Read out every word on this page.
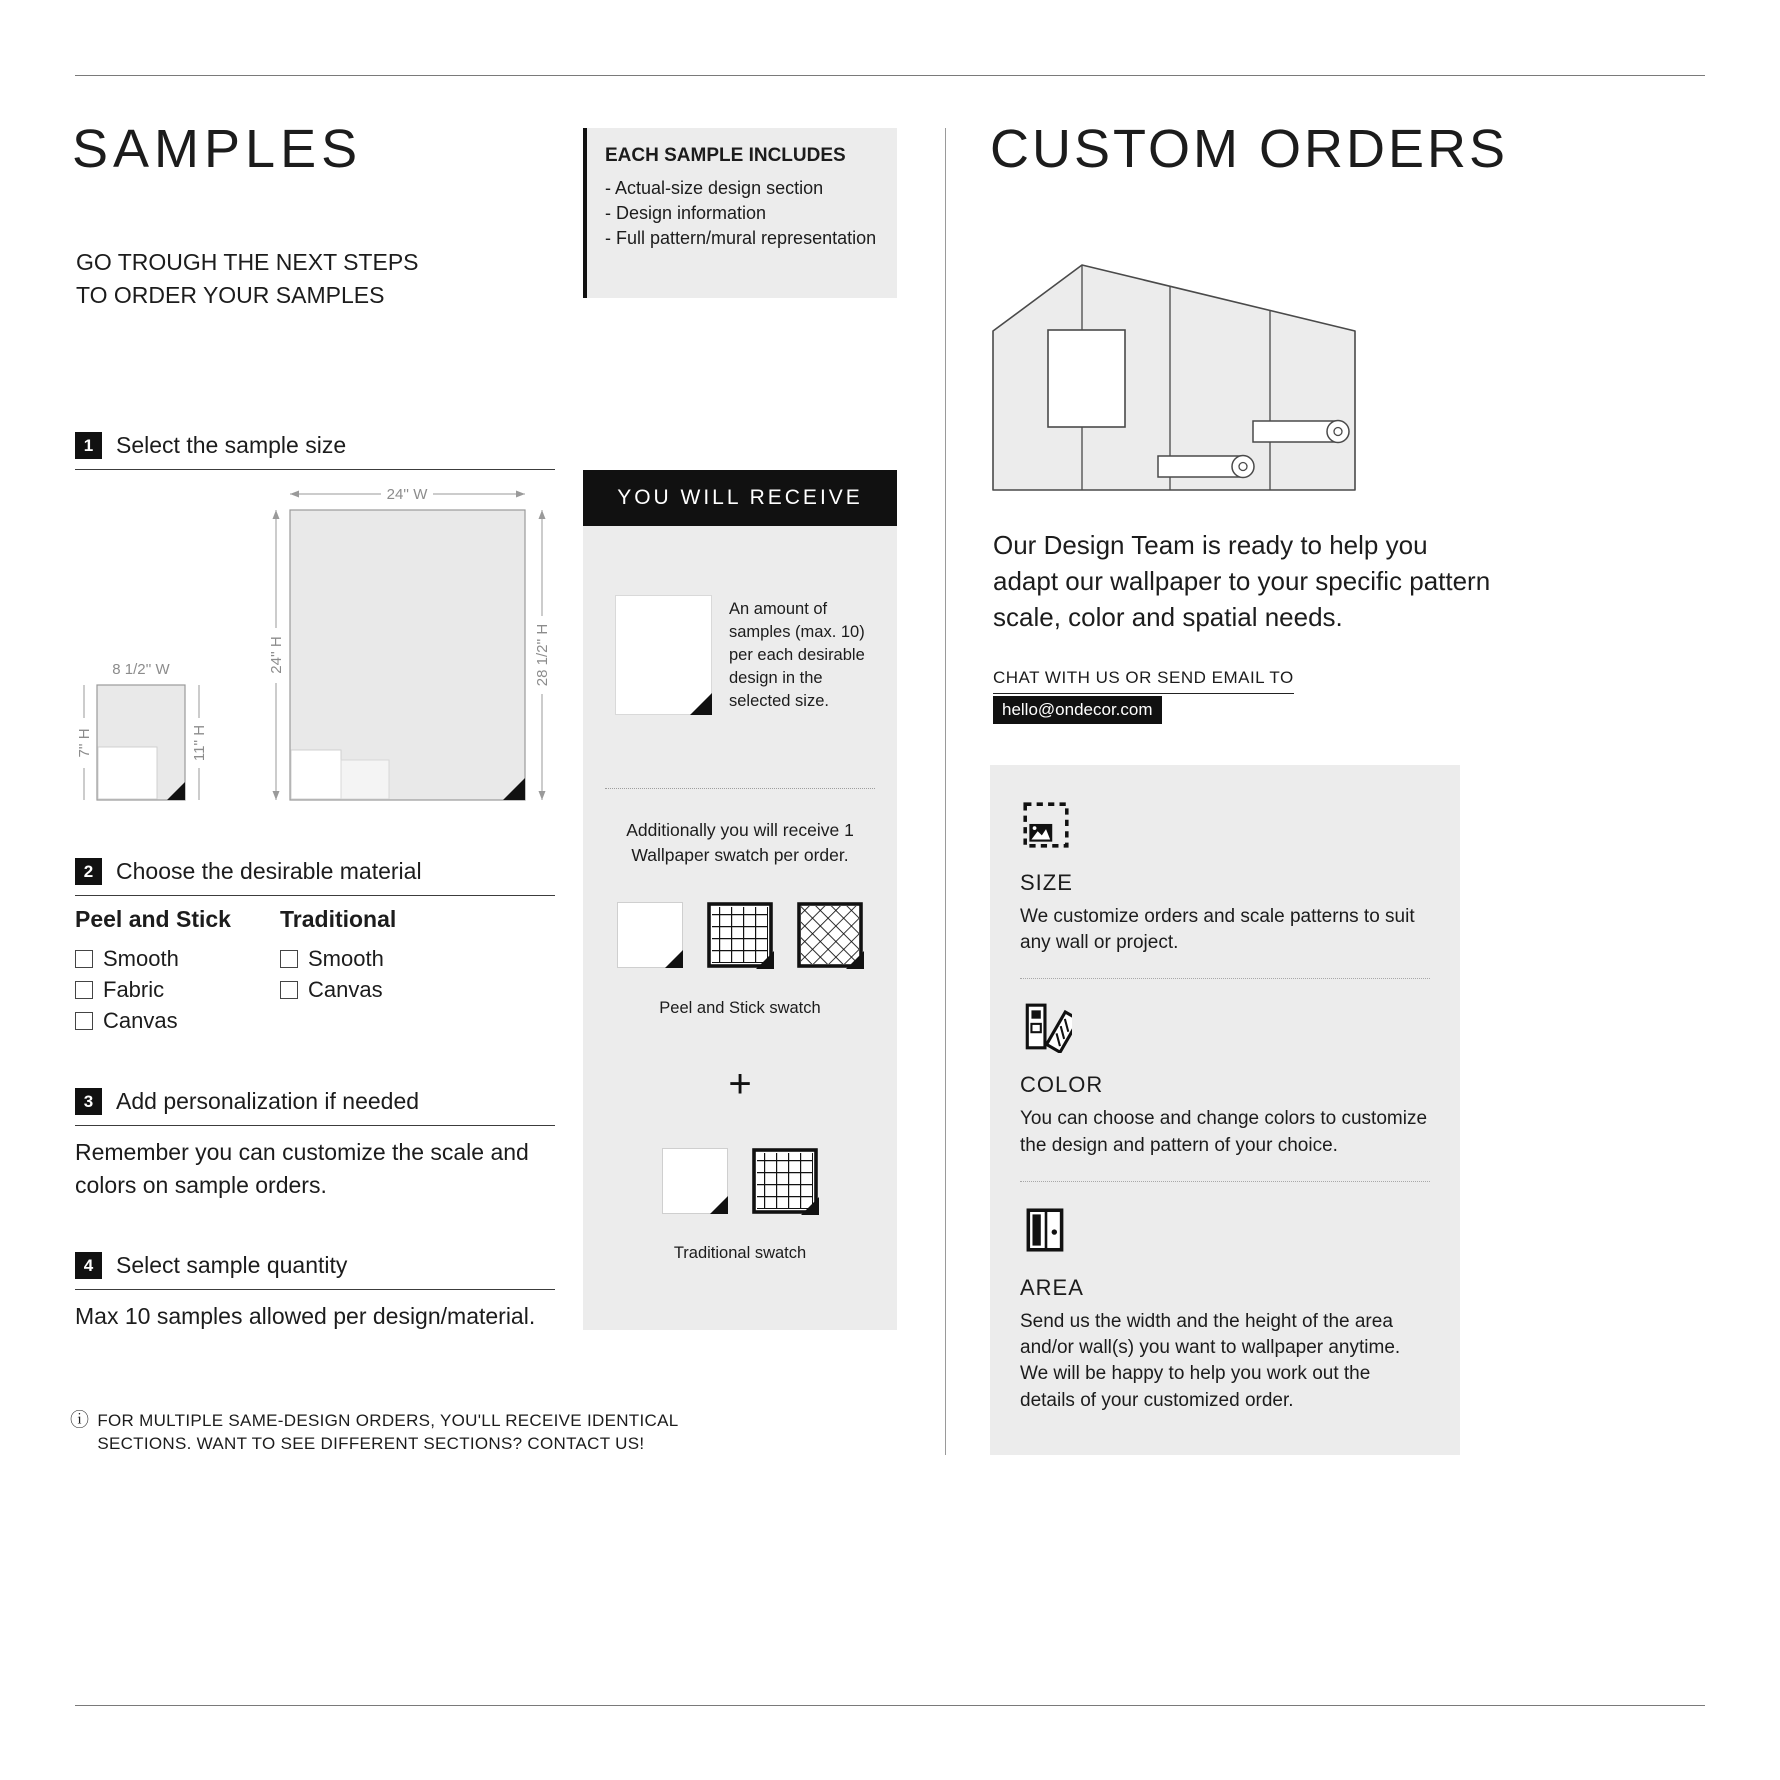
SAMPLES
GO TROUGH THE NEXT STEPS
TO ORDER YOUR SAMPLES
EACH SAMPLE INCLUDES
- Actual-size design section
- Design information
- Full pattern/mural representation
1 Select the sample size
24'' W
24'' H	28 1/2'' H
8 1/2'' W
7'' H	11'' H
2 Choose the desirable material
Peel and Stick
Smooth
Fabric
Canvas
Traditional
Smooth
Canvas
3 Add personalization if needed
Remember you can customize the scale and colors on sample orders.
4 Select sample quantity
Max 10 samples allowed per design/material.
ⓘ FOR MULTIPLE SAME-DESIGN ORDERS, YOU'LL RECEIVE IDENTICAL SECTIONS. WANT TO SEE DIFFERENT SECTIONS? CONTACT US!
YOU WILL RECEIVE
An amount of samples (max. 10) per each desirable design in the selected size.
Additionally you will receive 1 Wallpaper swatch per order.
Peel and Stick swatch
+
Traditional swatch
CUSTOM ORDERS
Our Design Team is ready to help you adapt our wallpaper to your specific pattern scale, color and spatial needs.
CHAT WITH US OR SEND EMAIL TO
hello@ondecor.com
SIZE
We customize orders and scale patterns to suit any wall or project.
COLOR
You can choose and change colors to customize the design and pattern of your choice.
AREA
Send us the width and the height of the area and/or wall(s) you want to wallpaper anytime. We will be happy to help you work out the details of your customized order.
